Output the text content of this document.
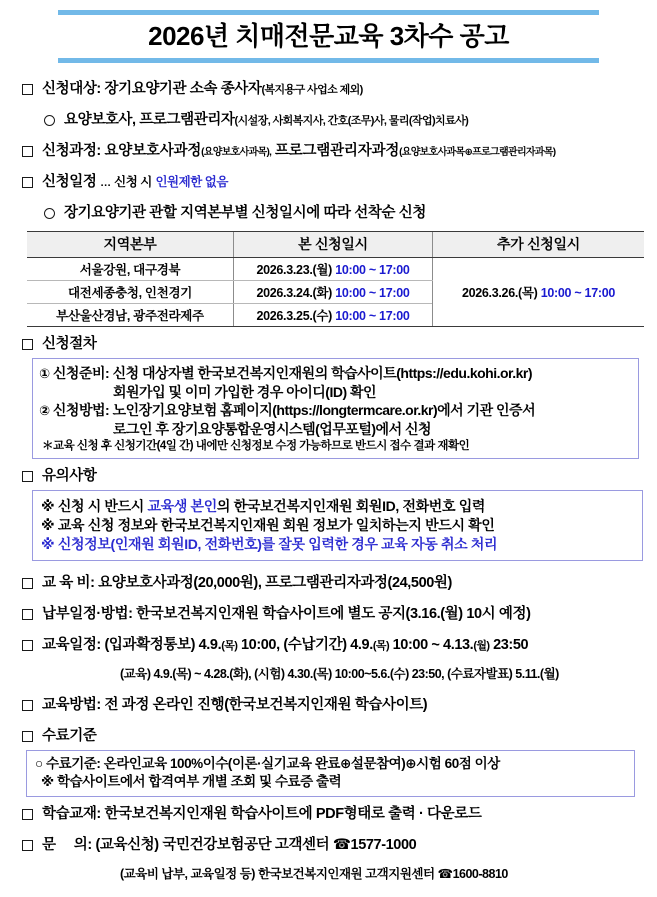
2026년 치매전문교육 3차수 공고
신청대상: 장기요양기관 소속 종사자(복지용구 사업소 제외)
요양보호사, 프로그램관리자(시설장, 사회복지사, 간호(조무)사, 물리(작업)치료사)
신청과정: 요양보호사과정(요양보호사과목), 프로그램관리자과정(요양보호사과목⊕프로그램관리자과목)
신청일정 … 신청 시 인원제한 없음
장기요양기관 관할 지역본부별 신청일시에 따라 선착순 신청
지역본부	본 신청일시	추가 신청일시
서울강원, 대구경북	2026.3.23.(월) 10:00 ~ 17:00	2026.3.26.(목) 10:00 ~ 17:00
대전세종충청, 인천경기	2026.3.24.(화) 10:00 ~ 17:00	
부산울산경남, 광주전라제주	2026.3.25.(수) 10:00 ~ 17:00	
신청절차
① 신청준비: 신청 대상자별 한국보건복지인재원의 학습사이트(https://edu.kohi.or.kr)
회원가입 및 이미 가입한 경우 아이디(ID) 확인
② 신청방법: 노인장기요양보험 홈페이지(https://longtermcare.or.kr)에서 기관 인증서
로그인 후 장기요양통합운영시스템(업무포털)에서 신청
＊교육 신청 후 신청기간(4일 간) 내에만 신청정보 수정 가능하므로 반드시 접수 결과 재확인
유의사항
※ 신청 시 반드시 교육생 본인의 한국보건복지인재원 회원ID, 전화번호 입력
※ 교육 신청 정보와 한국보건복지인재원 회원 정보가 일치하는지 반드시 확인
※ 신청정보(인재원 회원ID, 전화번호)를 잘못 입력한 경우 교육 자동 취소 처리
교 육 비: 요양보호사과정(20,000원), 프로그램관리자과정(24,500원)
납부일정·방법: 한국보건복지인재원 학습사이트에 별도 공지(3.16.(월) 10시 예정)
교육일정: (입과확정통보) 4.9.(목) 10:00, (수납기간) 4.9.(목) 10:00 ~ 4.13.(월) 23:50
(교육) 4.9.(목) ~ 4.28.(화), (시험) 4.30.(목) 10:00~5.6.(수) 23:50, (수료자발표) 5.11.(월)
교육방법: 전 과정 온라인 진행(한국보건복지인재원 학습사이트)
수료기준
○ 수료기준: 온라인교육 100%이수(이론·실기교육 완료⊕설문참여)⊕시험 60점 이상
※ 학습사이트에서 합격여부 개별 조회 및 수료증 출력
학습교재: 한국보건복지인재원 학습사이트에 PDF형태로 출력 · 다운로드
문     의: (교육신청) 국민건강보험공단 고객센터 ☎1577-1000
(교육비 납부, 교육일정 등) 한국보건복지인재원 고객지원센터 ☎1600-8810
